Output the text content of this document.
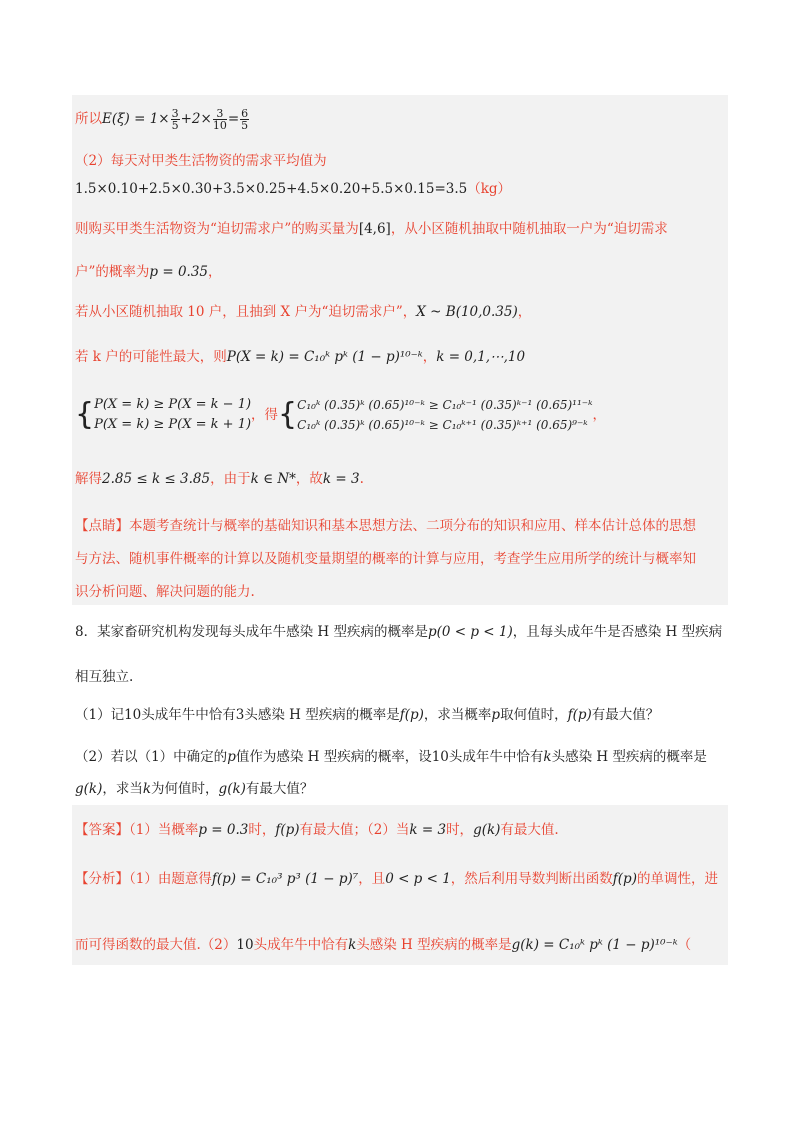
所以$E(\xi) = 1\times \frac{3}{5} +2\times \frac{3}{10} = \frac{6}{5}$
（2）每天对甲类生活物资的需求平均值为
1.5×0.10+2.5×0.30+3.5×0.25+4.5×0.20+5.5×0.15=3.5（kg）
则购买甲类生活物资为“迫切需求户”的购买量为[4,6]，从小区随机抽取中随机抽取一户为“迫切需求
户”的概率为p = 0.35，
若从小区随机抽取 10 户，且抽到 X 户为“迫切需求户”，X ~ B(10,0.35)，
若 k 户的可能性最大，则P(X = k) = C₁₀ᵏ pᵏ (1 − p)¹⁰⁻ᵏ，k = 0,1,⋯,10
{ P(X = k) ≥ P(X = k − 1)
P(X = k) ≥ P(X = k + 1)
，得{ C₁₀ᵏ (0.35)ᵏ (0.65)¹⁰⁻ᵏ ≥ C₁₀ᵏ⁻¹ (0.35)ᵏ⁻¹ (0.65)¹¹⁻ᵏ
C₁₀ᵏ (0.35)ᵏ (0.65)¹⁰⁻ᵏ ≥ C₁₀ᵏ⁺¹ (0.35)ᵏ⁺¹ (0.65)⁹⁻ᵏ
，
解得2.85 ≤ k ≤ 3.85，由于k ∈ N*，故k = 3.
【点睛】本题考查统计与概率的基础知识和基本思想方法、二项分布的知识和应用、样本估计总体的思想
与方法、随机事件概率的计算以及随机变量期望的概率的计算与应用，考查学生应用所学的统计与概率知
识分析问题、解决问题的能力.
8．某家畜研究机构发现每头成年牛感染 H 型疾病的概率是p(0 < p < 1)，且每头成年牛是否感染 H 型疾病
相互独立.
（1）记10头成年牛中恰有3头感染 H 型疾病的概率是f(p)，求当概率p取何值时，f(p)有最大值？
（2）若以（1）中确定的p值作为感染 H 型疾病的概率，设10头成年牛中恰有k头感染 H 型疾病的概率是
g(k)，求当k为何值时，g(k)有最大值？
【答案】（1）当概率p = 0.3时，f(p)有最大值；（2）当k = 3时，g(k)有最大值.
【分析】（1）由题意得f(p) = C₁₀³ p³ (1 − p)⁷，且0 < p < 1，然后利用导数判断出函数f(p)的单调性，进
而可得函数的最大值.（2）10头成年牛中恰有k头感染 H 型疾病的概率是g(k) = C₁₀ᵏ pᵏ (1 − p)¹⁰⁻ᵏ（
